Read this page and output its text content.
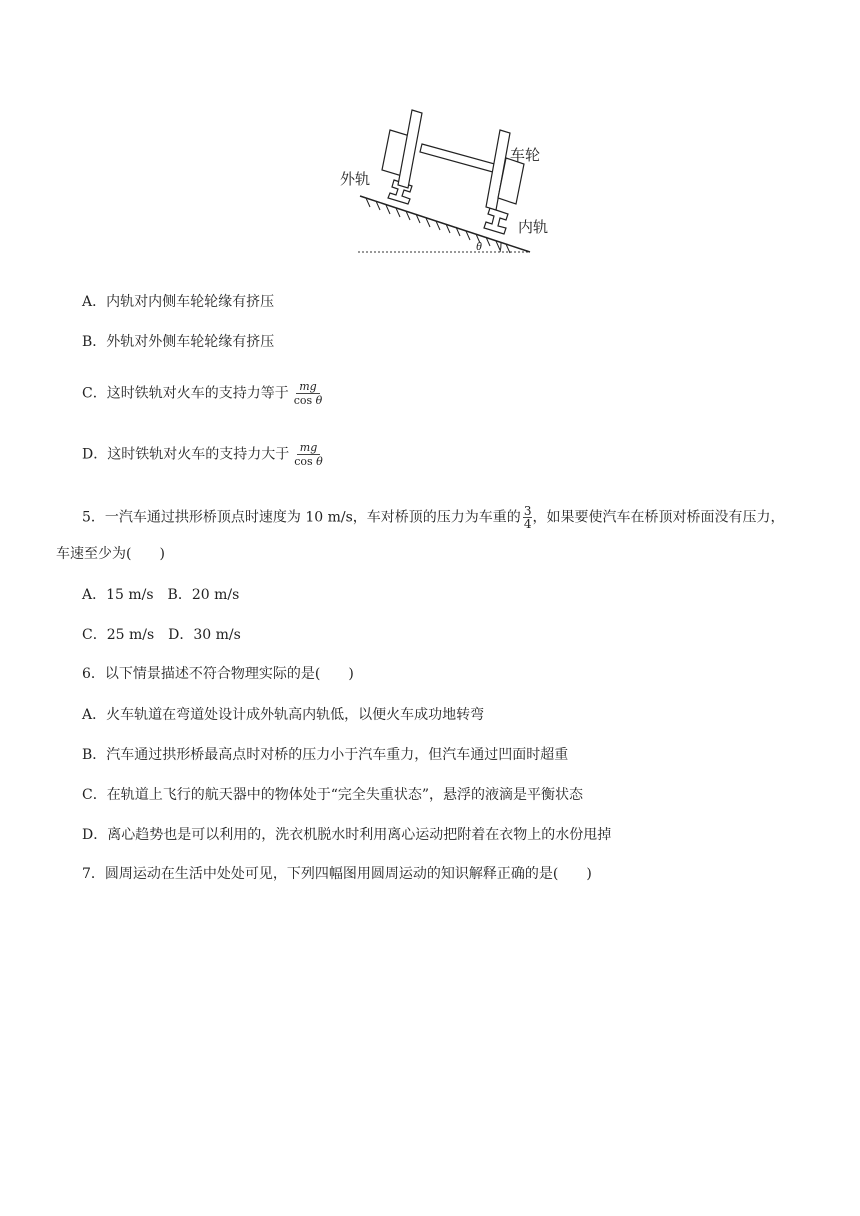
外轨
车轮
内轨
θ
A．内轨对内侧车轮轮缘有挤压
B．外轨对外侧车轮轮缘有挤压
C．这时铁轨对火车的支持力等于 $\frac{mg}{\text{cos θ}}$
D．这时铁轨对火车的支持力大于 $\frac{mg}{\text{cos θ}}$
5．一汽车通过拱形桥顶点时速度为 10 m/s，车对桥顶的压力为车重的 $\frac{3}{4}$ ，如果要使汽车在桥顶对桥面没有压力，
车速至少为(　　)
A．15 m/s　B．20 m/s
C．25 m/s　D．30 m/s
6．以下情景描述不符合物理实际的是(　　)
A．火车轨道在弯道处设计成外轨高内轨低，以便火车成功地转弯
B．汽车通过拱形桥最高点时对桥的压力小于汽车重力，但汽车通过凹面时超重
C．在轨道上飞行的航天器中的物体处于“完全失重状态”，悬浮的液滴是平衡状态
D．离心趋势也是可以利用的，洗衣机脱水时利用离心运动把附着在衣物上的水份甩掉
7．圆周运动在生活中处处可见，下列四幅图用圆周运动的知识解释正确的是(　　)
